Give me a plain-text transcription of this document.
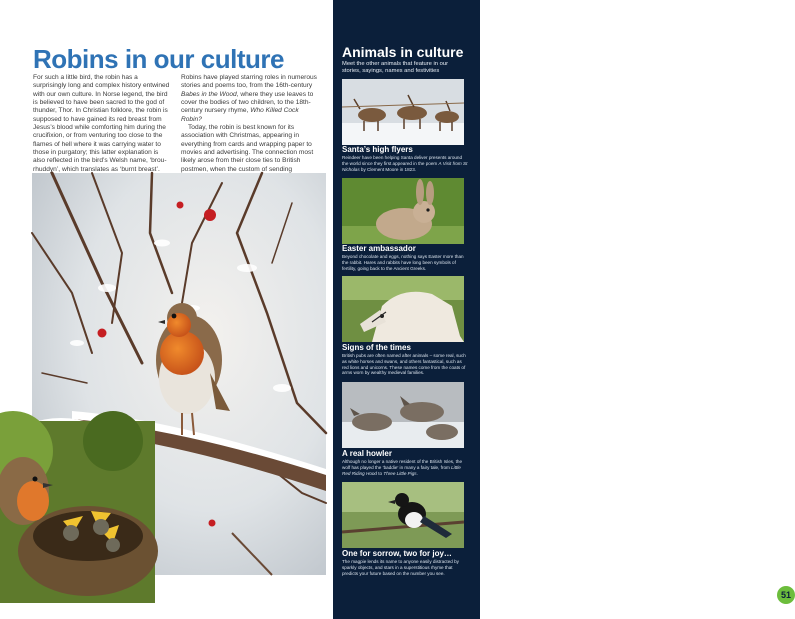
Robins in our culture

For such a little bird, the robin has a surprisingly long and complex history entwined with our own culture. In Norse legend, the bird is believed to have been sacred to the god of thunder, Thor. In Christian folklore, the robin is supposed to have gained its red breast from Jesus’s blood while comforting him during the crucifixion, or from venturing too close to the flames of hell where it was carrying water to those in purgatory; this latter explanation is also reflected in the bird’s Welsh name, ‘brou-rhuddyn’, which translates as ‘burnt breast’.

Robins have played starring roles in numerous stories and poems too, from the 16th-century Babes in the Wood, where they use leaves to cover the bodies of two children, to the 18th-century nursery rhyme, Who Killed Cock Robin?

Today, the robin is best known for its association with Christmas, appearing in everything from cards and wrapping paper to movies and advertising. The connection most likely arose from their close ties to British postmen, when the custom of sending

Animals in culture

Meet the other animals that feature in our stories, sayings, names and festivities

Santa’s high flyers

Reindeer have been helping Santa deliver presents around the world since they first appeared in the poem A Visit from St Nicholas by Clement Moore in 1823.

Easter ambassador

Beyond chocolate and eggs, nothing says Easter more than the rabbit. Hares and rabbits have long been symbols of fertility, going back to the Ancient Greeks.

Signs of the times

British pubs are often named after animals – some real, such as white horses and swans, and others fantastical, such as red lions and unicorns. These names come from the coats of arms worn by wealthy medieval families.

A real howler

Although no longer a native resident of the British Isles, the wolf has played the ‘baddie’ in many a fairy tale, from Little Red Riding Hood to Three Little Pigs.

One for sorrow, two for joy…

The magpie lends its name to anyone easily distracted by sparkly objects, and stars in a superstitious rhyme that predicts your future based on the number you see.

51
